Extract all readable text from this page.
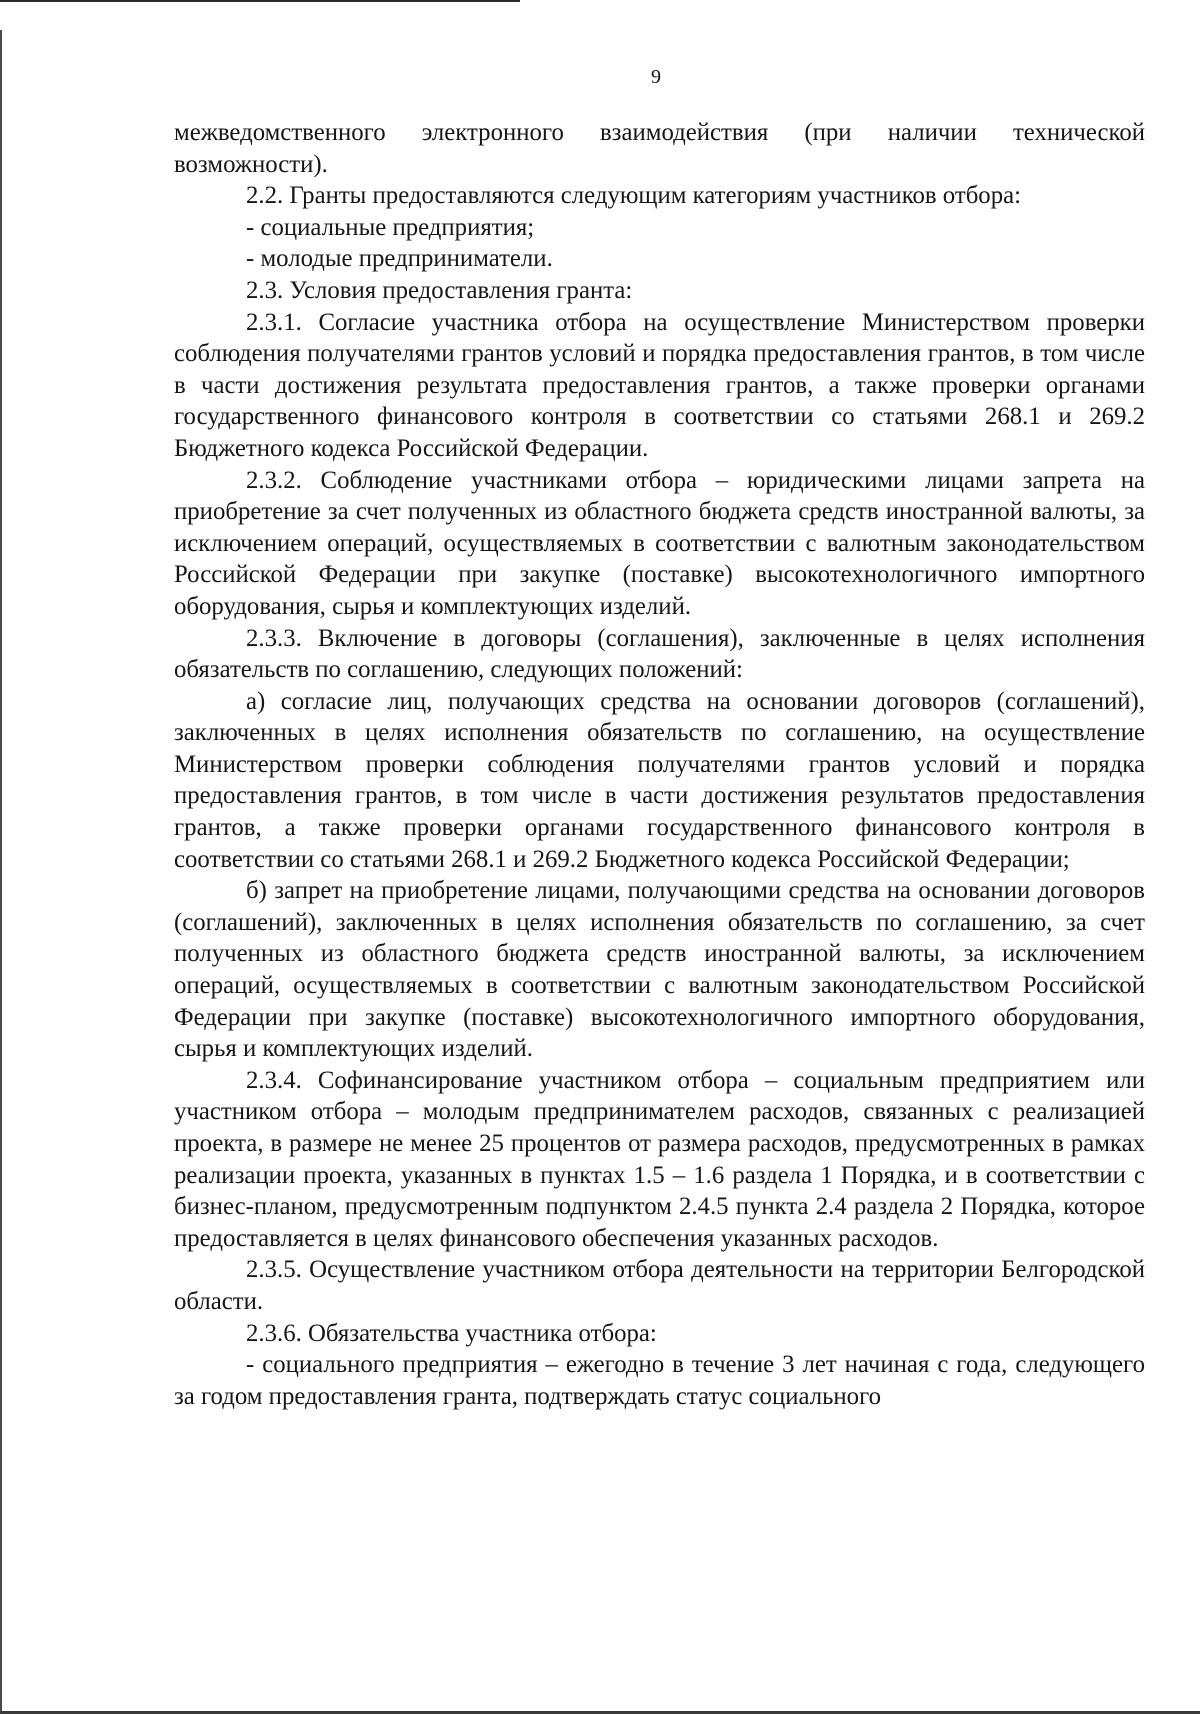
9

межведомственного электронного взаимодействия (при наличии технической возможности).

2.2. Гранты предоставляются следующим категориям участников отбора:

- социальные предприятия;

- молодые предприниматели.

2.3. Условия предоставления гранта:

2.3.1. Согласие участника отбора на осуществление Министерством проверки соблюдения получателями грантов условий и порядка предоставления грантов, в том числе в части достижения результата предоставления грантов, а также проверки органами государственного финансового контроля в соответствии со статьями 268.1 и 269.2 Бюджетного кодекса Российской Федерации.

2.3.2. Соблюдение участниками отбора – юридическими лицами запрета на приобретение за счет полученных из областного бюджета средств иностранной валюты, за исключением операций, осуществляемых в соответствии с валютным законодательством Российской Федерации при закупке (поставке) высокотехнологичного импортного оборудования, сырья и комплектующих изделий.

2.3.3. Включение в договоры (соглашения), заключенные в целях исполнения обязательств по соглашению, следующих положений:

а) согласие лиц, получающих средства на основании договоров (соглашений), заключенных в целях исполнения обязательств по соглашению, на осуществление Министерством проверки соблюдения получателями грантов условий и порядка предоставления грантов, в том числе в части достижения результатов предоставления грантов, а также проверки органами государственного финансового контроля в соответствии со статьями 268.1 и 269.2 Бюджетного кодекса Российской Федерации;

б) запрет на приобретение лицами, получающими средства на основании договоров (соглашений), заключенных в целях исполнения обязательств по соглашению, за счет полученных из областного бюджета средств иностранной валюты, за исключением операций, осуществляемых в соответствии с валютным законодательством Российской Федерации при закупке (поставке) высокотехнологичного импортного оборудования, сырья и комплектующих изделий.

2.3.4. Софинансирование участником отбора – социальным предприятием или участником отбора – молодым предпринимателем расходов, связанных с реализацией проекта, в размере не менее 25 процентов от размера расходов, предусмотренных в рамках реализации проекта, указанных в пунктах 1.5 – 1.6 раздела 1 Порядка, и в соответствии с бизнес-планом, предусмотренным подпунктом 2.4.5 пункта 2.4 раздела 2 Порядка, которое предоставляется в целях финансового обеспечения указанных расходов.

2.3.5. Осуществление участником отбора деятельности на территории Белгородской области.

2.3.6. Обязательства участника отбора:

- социального предприятия – ежегодно в течение 3 лет начиная с года, следующего за годом предоставления гранта, подтверждать статус социального
